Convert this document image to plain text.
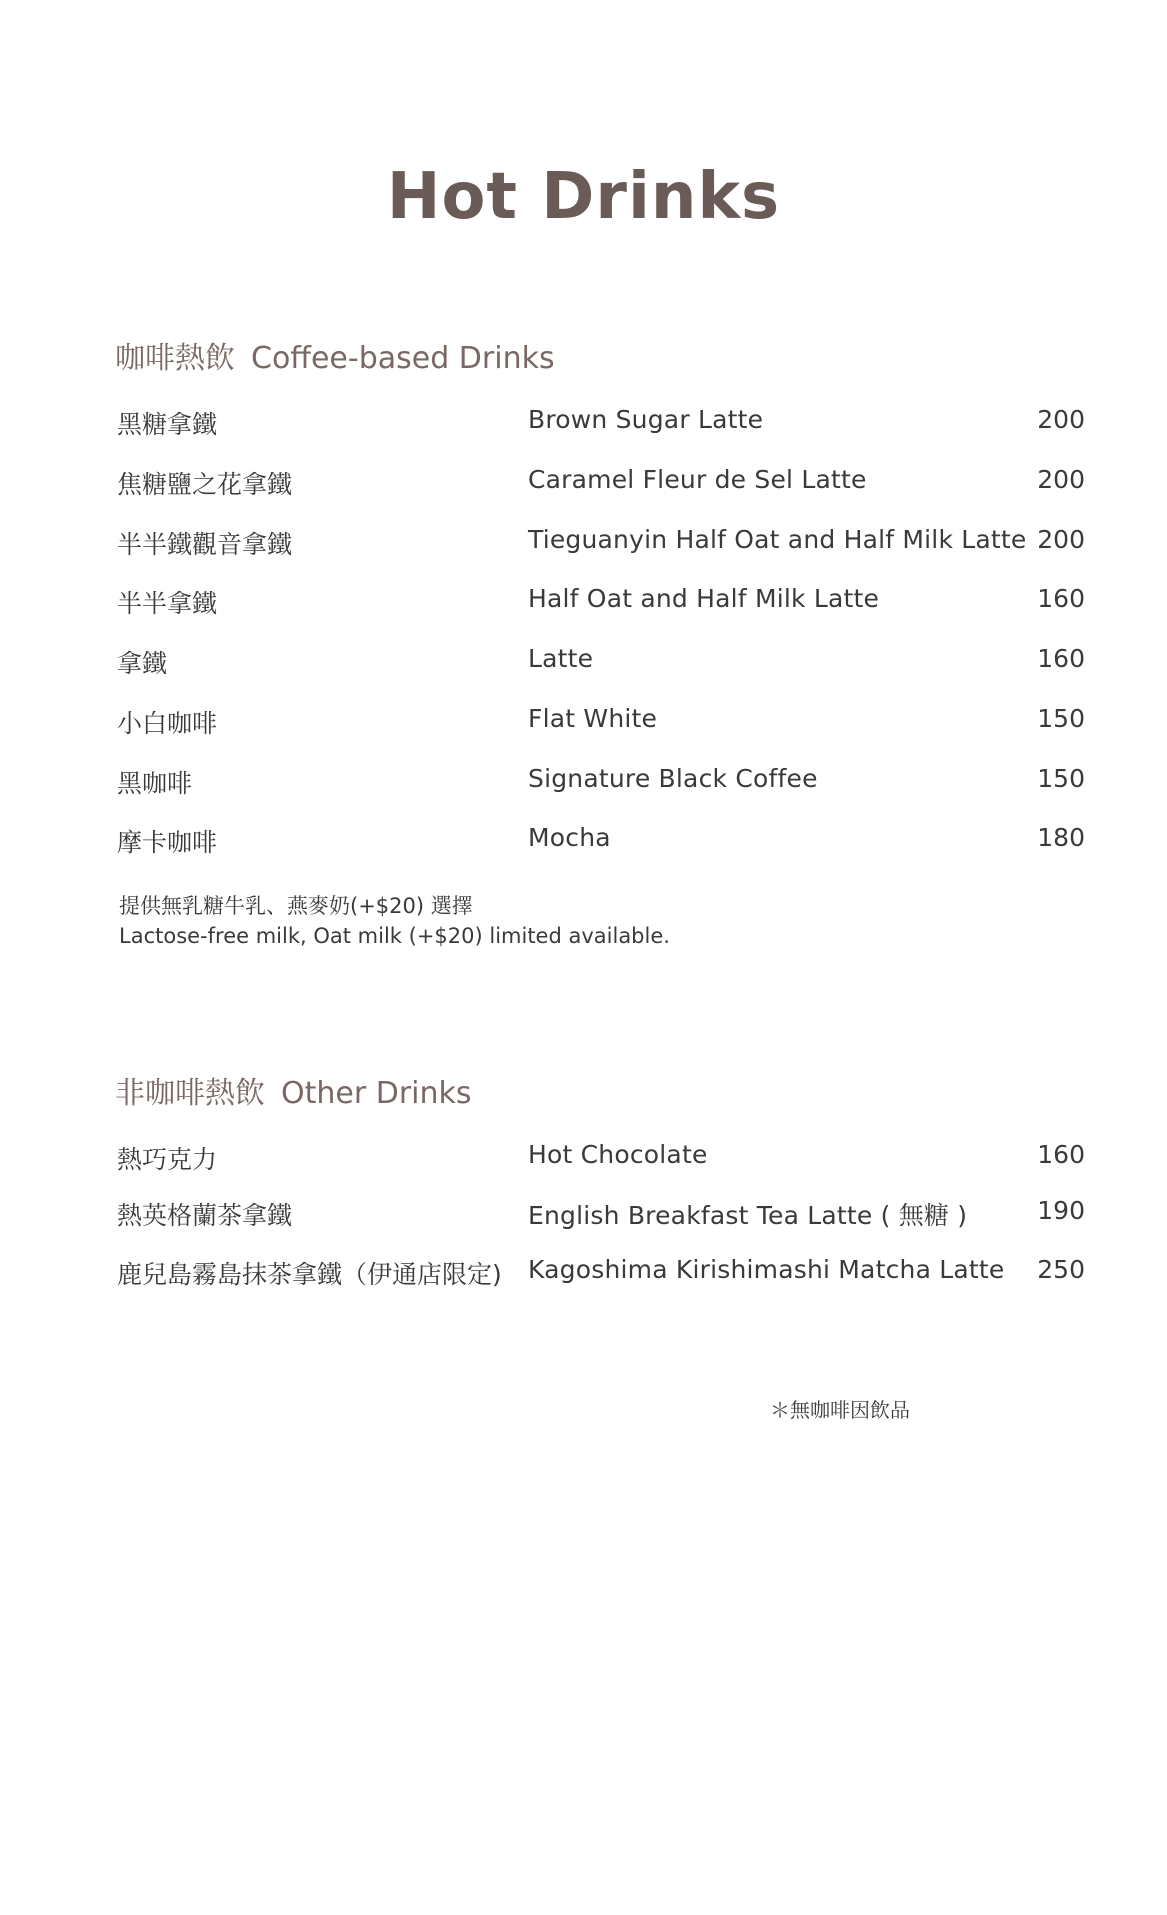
Hot Drinks
咖啡熱飲 Coffee-based Drinks
黑糖拿鐵	Brown Sugar Latte	200
焦糖鹽之花拿鐵	Caramel Fleur de Sel Latte	200
半半鐵觀音拿鐵	Tieguanyin Half Oat and Half Milk Latte 200
半半拿鐵	Half Oat and Half Milk Latte	160
拿鐵	Latte	160
小白咖啡	Flat White	150
黑咖啡	Signature Black Coffee	150
摩卡咖啡	Mocha	180
提供無乳糖牛乳、燕麥奶(+$20) 選擇
Lactose-free milk, Oat milk (+$20) limited available.
非咖啡熱飲 Other Drinks
熱巧克力	Hot Chocolate	160
熱英格蘭茶拿鐵	English Breakfast Tea Latte ( 無糖 )	190
鹿兒島霧島抹茶拿鐵（伊通店限定) Kagoshima Kirishimashi Matcha Latte 250
＊無咖啡因飲品
